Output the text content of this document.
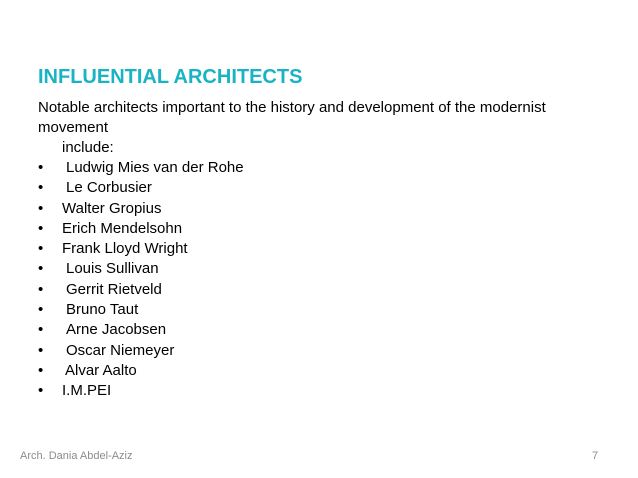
INFLUENTIAL ARCHITECTS
Notable architects important to the history and development of the modernist movement
include:
•	Ludwig Mies van der Rohe
•	Le Corbusier
•	Walter Gropius
•	Erich Mendelsohn
•	Frank Lloyd Wright
•	Louis Sullivan
•	Gerrit Rietveld
•	Bruno Taut
•	Arne Jacobsen
•	Oscar Niemeyer
•	Alvar Aalto
•	I.M.PEI
Arch. Dania Abdel-Aziz	7
